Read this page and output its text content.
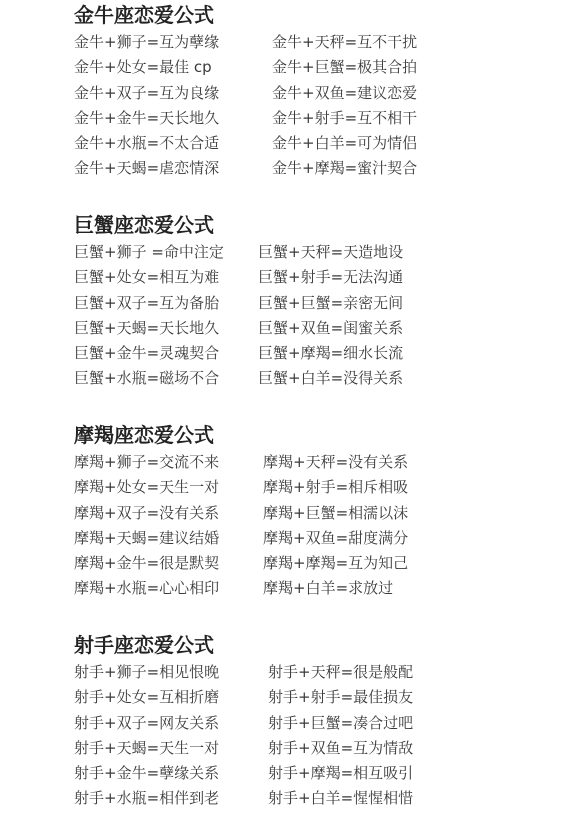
金牛座恋爱公式
金牛+狮子=互为孽缘
金牛+处女=最佳 cp
金牛+双子=互为良缘
金牛+金牛=天长地久
金牛+水瓶=不太合适
金牛+天蝎=虐恋情深
金牛+天秤=互不干扰
金牛+巨蟹=极其合拍
金牛+双鱼=建议恋爱
金牛+射手=互不相干
金牛+白羊=可为情侣
金牛+摩羯=蜜汁契合
巨蟹座恋爱公式
巨蟹+狮子 =命中注定
巨蟹+处女=相互为难
巨蟹+双子=互为备胎
巨蟹+天蝎=天长地久
巨蟹+金牛=灵魂契合
巨蟹+水瓶=磁场不合
巨蟹+天秤=天造地设
巨蟹+射手=无法沟通
巨蟹+巨蟹=亲密无间
巨蟹+双鱼=闺蜜关系
巨蟹+摩羯=细水长流
巨蟹+白羊=没得关系
摩羯座恋爱公式
摩羯+狮子=交流不来
摩羯+处女=天生一对
摩羯+双子=没有关系
摩羯+天蝎=建议结婚
摩羯+金牛=很是默契
摩羯+水瓶=心心相印
摩羯+天秤=没有关系
摩羯+射手=相斥相吸
摩羯+巨蟹=相濡以沫
摩羯+双鱼=甜度满分
摩羯+摩羯=互为知己
摩羯+白羊=求放过
射手座恋爱公式
射手+狮子=相见恨晚
射手+处女=互相折磨
射手+双子=网友关系
射手+天蝎=天生一对
射手+金牛=孽缘关系
射手+水瓶=相伴到老
射手+天秤=很是般配
射手+射手=最佳损友
射手+巨蟹=凑合过吧
射手+双鱼=互为情敌
射手+摩羯=相互吸引
射手+白羊=惺惺相惜
